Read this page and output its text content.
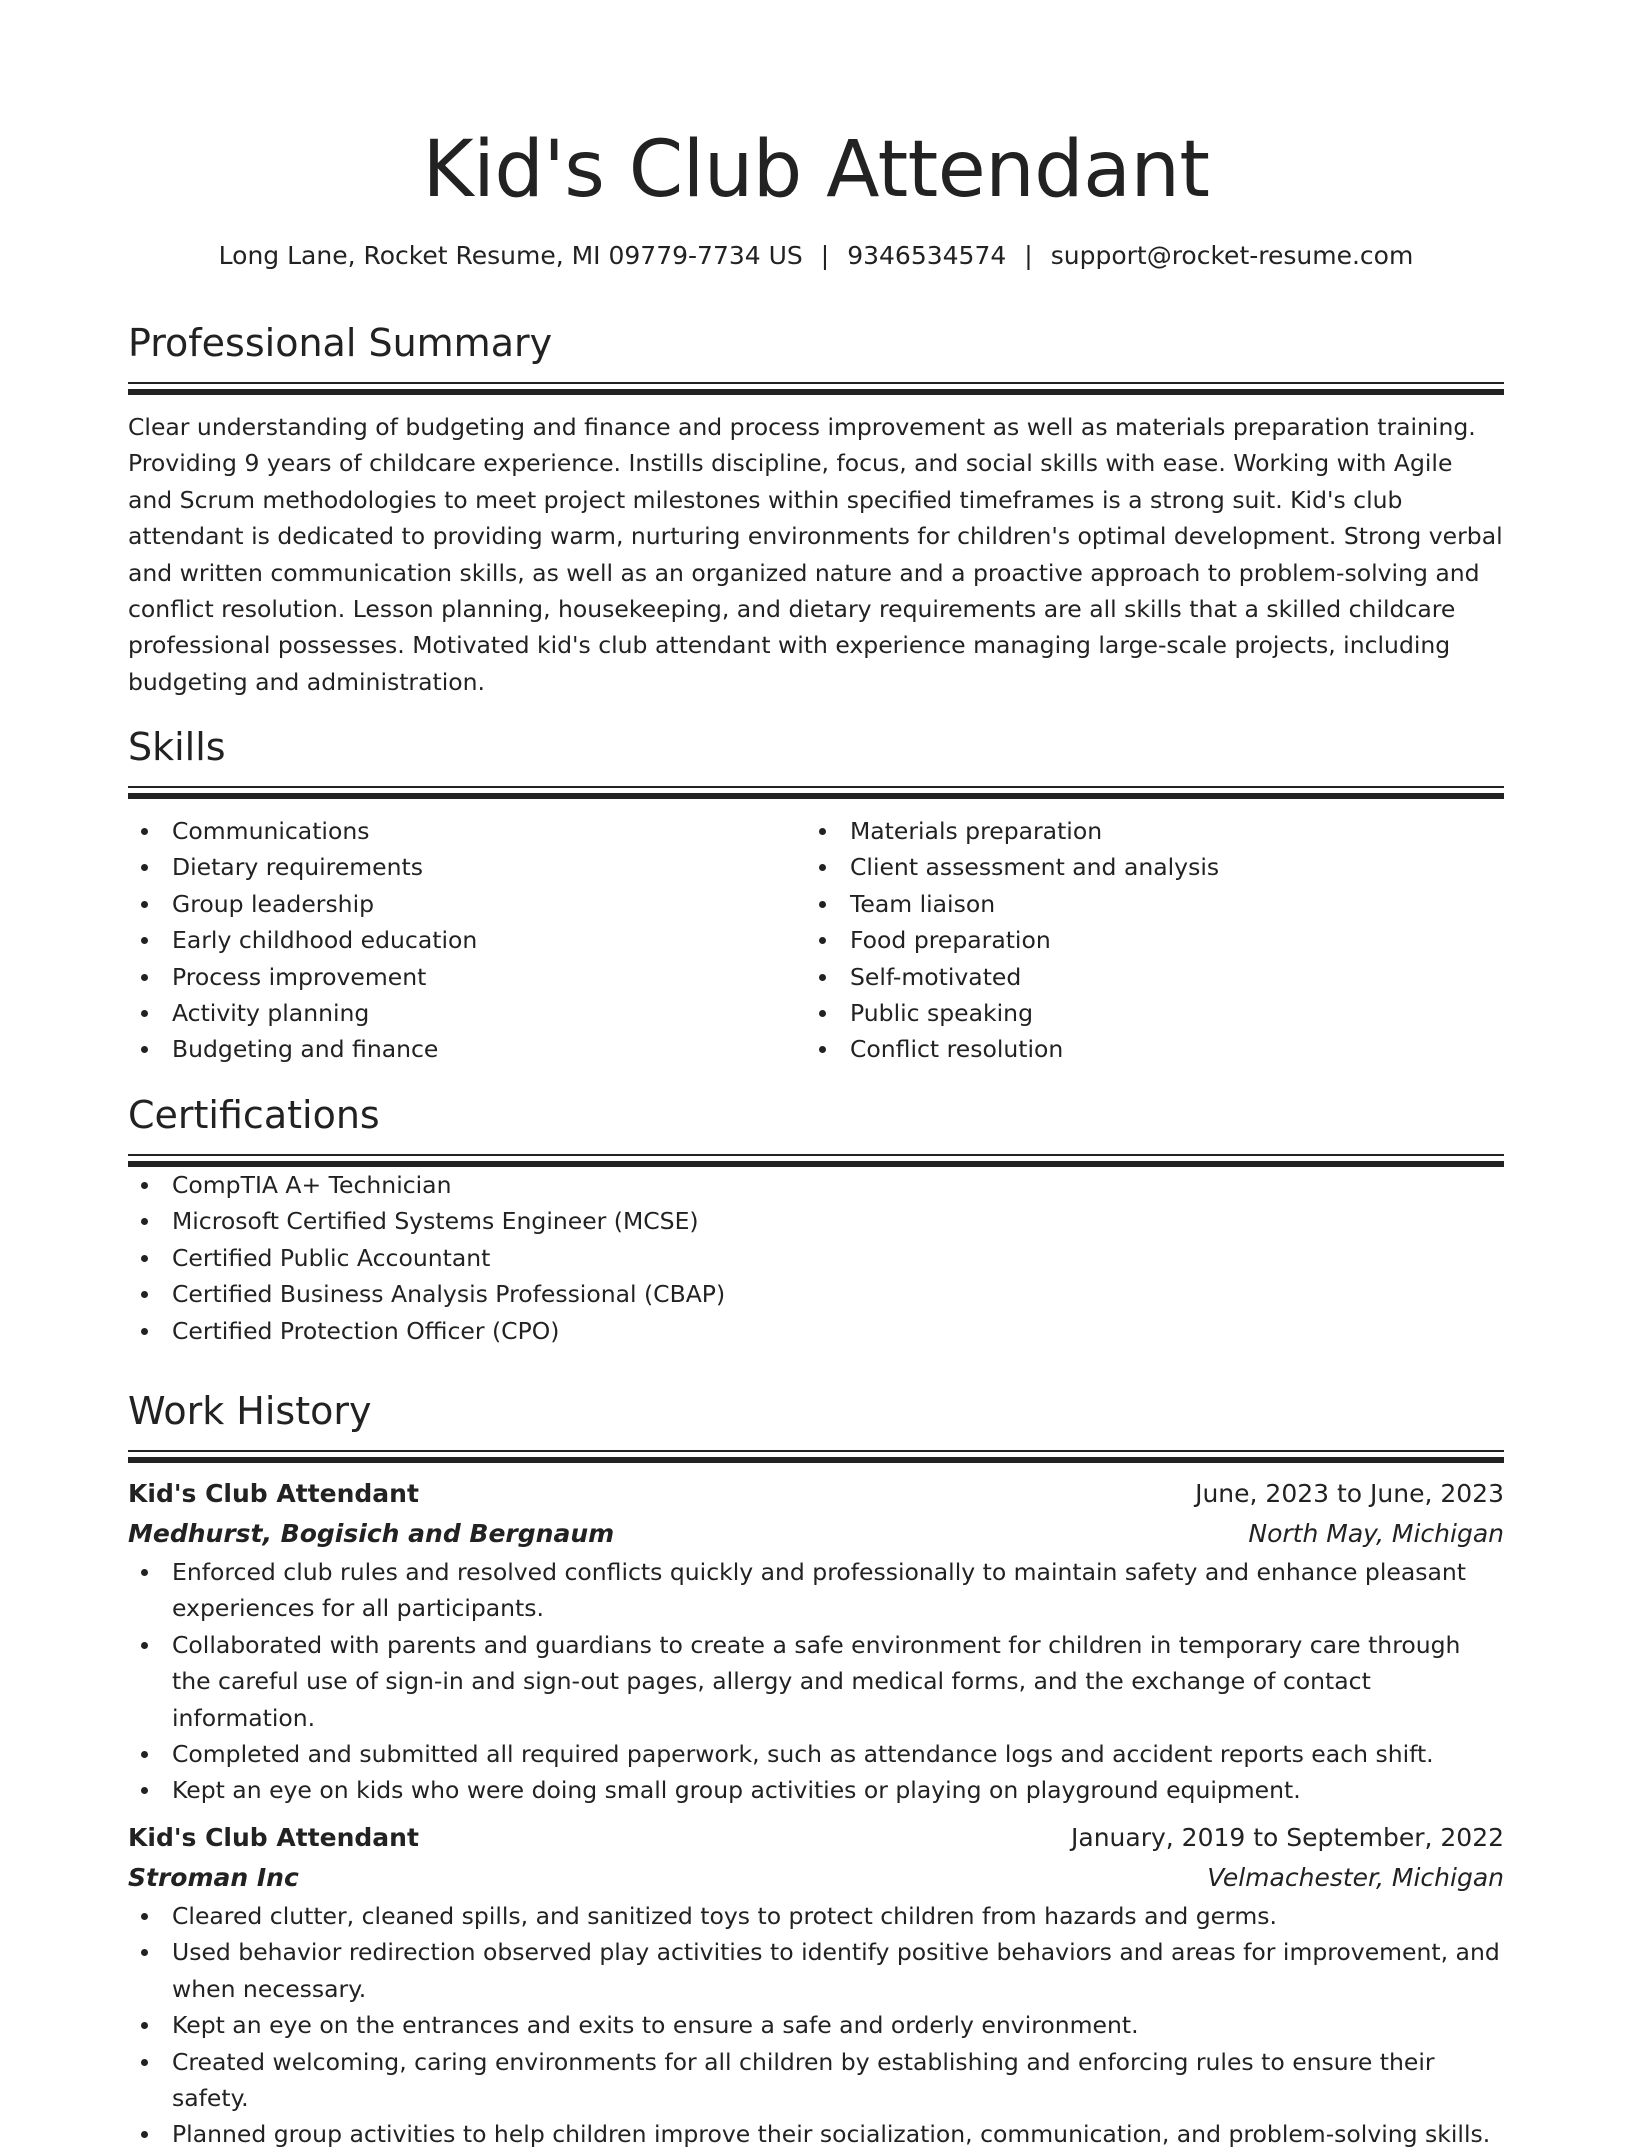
Kid's Club Attendant
Long Lane, Rocket Resume, MI 09779-7734 US | 9346534574 | support@rocket-resume.com
Professional Summary
Clear understanding of budgeting and finance and process improvement as well as materials preparation training. Providing 9 years of childcare experience. Instills discipline, focus, and social skills with ease. Working with Agile and Scrum methodologies to meet project milestones within specified timeframes is a strong suit. Kid's club attendant is dedicated to providing warm, nurturing environments for children's optimal development. Strong verbal and written communication skills, as well as an organized nature and a proactive approach to problem-solving and conflict resolution. Lesson planning, housekeeping, and dietary requirements are all skills that a skilled childcare professional possesses. Motivated kid's club attendant with experience managing large-scale projects, including budgeting and administration.
Skills
Communications
Dietary requirements
Group leadership
Early childhood education
Process improvement
Activity planning
Budgeting and finance
Materials preparation
Client assessment and analysis
Team liaison
Food preparation
Self-motivated
Public speaking
Conflict resolution
Certifications
CompTIA A+ Technician
Microsoft Certified Systems Engineer (MCSE)
Certified Public Accountant
Certified Business Analysis Professional (CBAP)
Certified Protection Officer (CPO)
Work History
Kid's Club Attendant	June, 2023 to June, 2023
Medhurst, Bogisich and Bergnaum	North May, Michigan
Enforced club rules and resolved conflicts quickly and professionally to maintain safety and enhance pleasant experiences for all participants.
Collaborated with parents and guardians to create a safe environment for children in temporary care through the careful use of sign-in and sign-out pages, allergy and medical forms, and the exchange of contact information.
Completed and submitted all required paperwork, such as attendance logs and accident reports each shift.
Kept an eye on kids who were doing small group activities or playing on playground equipment.
Kid's Club Attendant	January, 2019 to September, 2022
Stroman Inc	Velmachester, Michigan
Cleared clutter, cleaned spills, and sanitized toys to protect children from hazards and germs.
Used behavior redirection observed play activities to identify positive behaviors and areas for improvement, and when necessary.
Kept an eye on the entrances and exits to ensure a safe and orderly environment.
Created welcoming, caring environments for all children by establishing and enforcing rules to ensure their safety.
Planned group activities to help children improve their socialization, communication, and problem-solving skills.
